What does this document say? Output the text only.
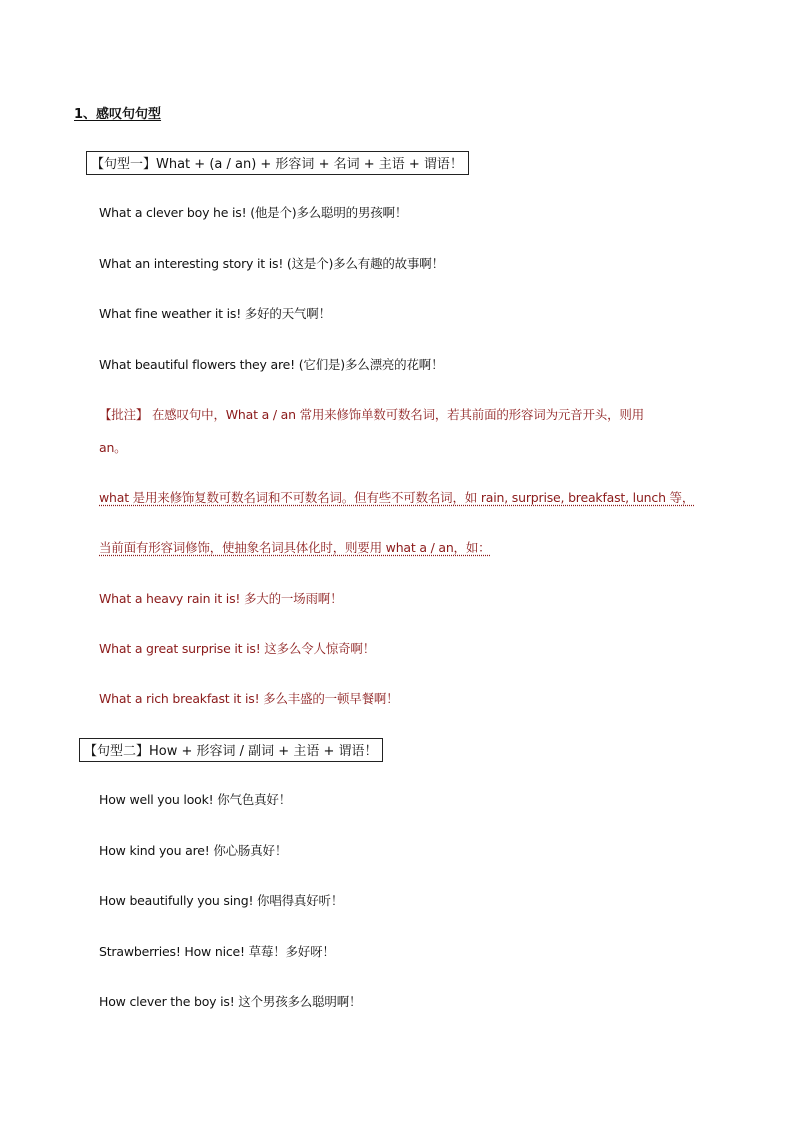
1、感叹句句型
【句型一】What + (a / an) + 形容词 + 名词 + 主语 + 谓语！
What a clever boy he is! (他是个)多么聪明的男孩啊！
What an interesting story it is! (这是个)多么有趣的故事啊！
What fine weather it is! 多好的天气啊！
What beautiful flowers they are! (它们是)多么漂亮的花啊！
【批注】 在感叹句中，What a / an 常用来修饰单数可数名词，若其前面的形容词为元音开头，则用
an。
what 是用来修饰复数可数名词和不可数名词。但有些不可数名词，如 rain, surprise, breakfast, lunch 等，
当前面有形容词修饰，使抽象名词具体化时，则要用 what a / an，如：
What a heavy rain it is! 多大的一场雨啊！
What a great surprise it is! 这多么令人惊奇啊！
What a rich breakfast it is! 多么丰盛的一顿早餐啊！
【句型二】How + 形容词 / 副词 + 主语 + 谓语！
How well you look! 你气色真好！
How kind you are! 你心肠真好！
How beautifully you sing! 你唱得真好听！
Strawberries! How nice! 草莓！多好呀！
How clever the boy is! 这个男孩多么聪明啊！
